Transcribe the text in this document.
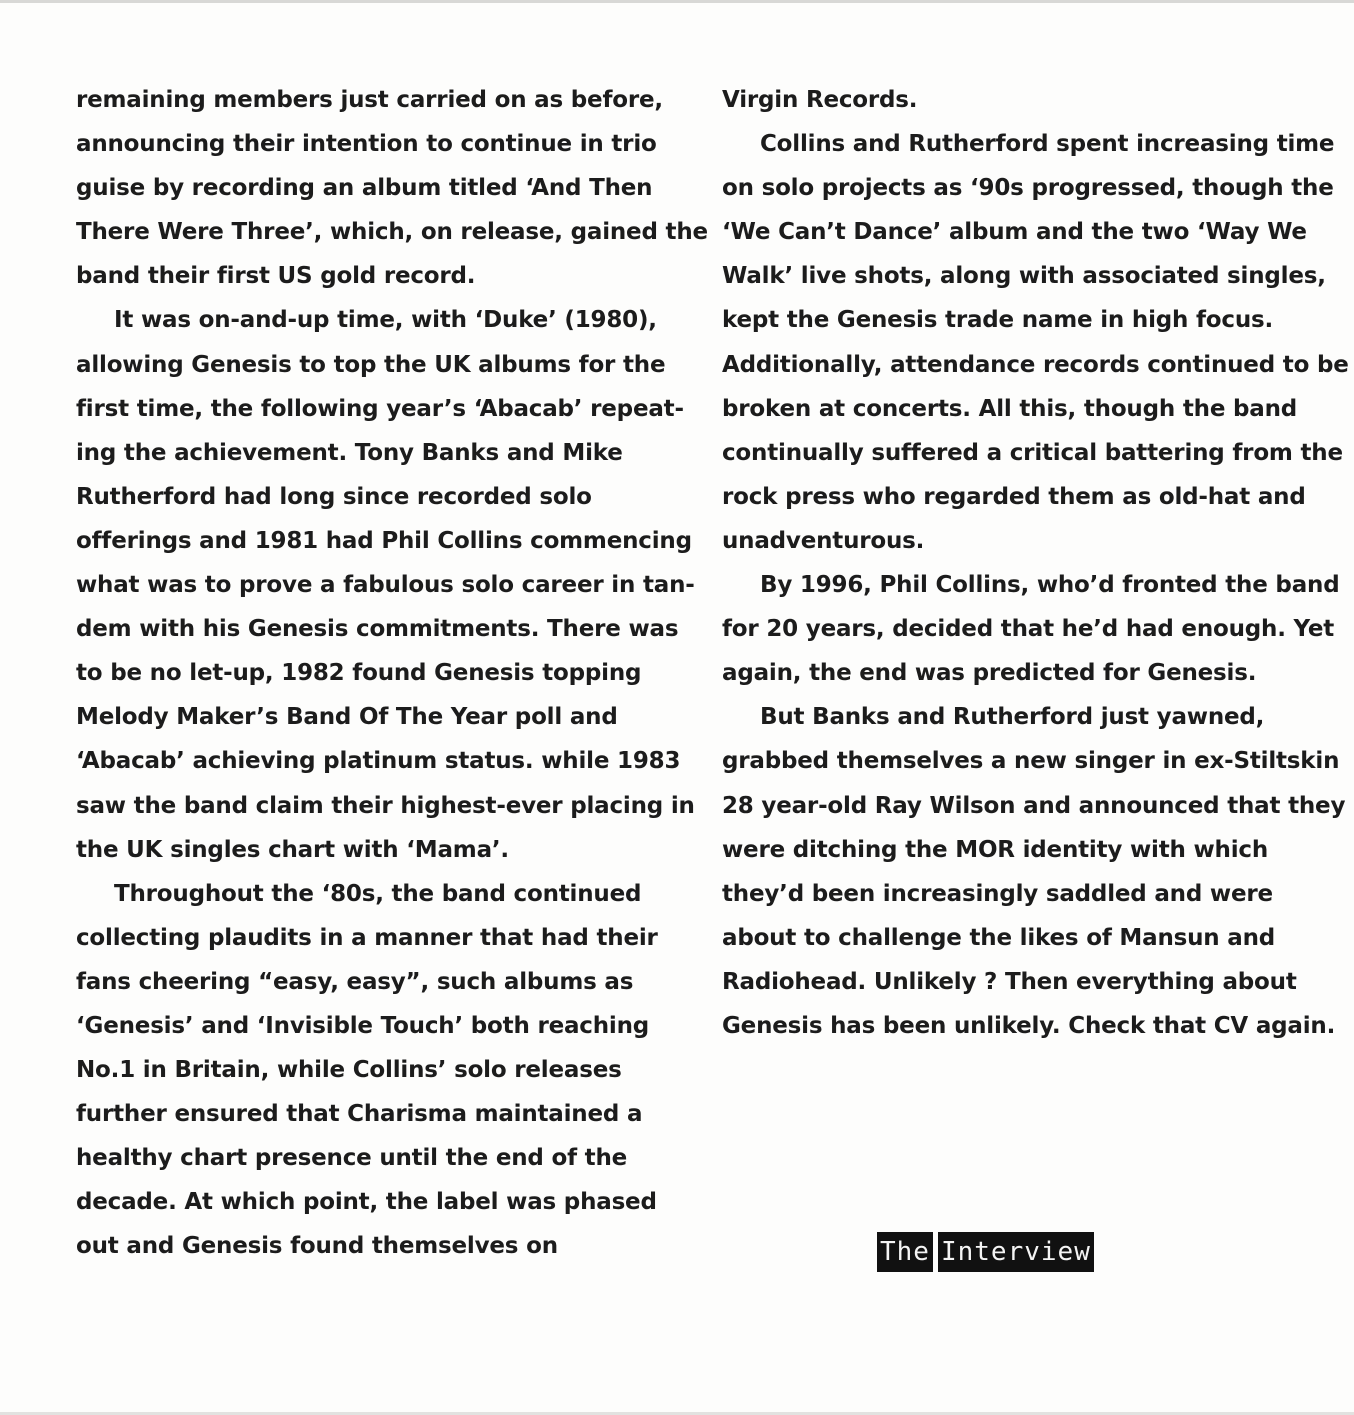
remaining members just carried on as before,
announcing their intention to continue in trio
guise by recording an album titled ‘And Then
There Were Three’, which, on release, gained the
band their first US gold record.
It was on-and-up time, with ‘Duke’ (1980),
allowing Genesis to top the UK albums for the
first time, the following year’s ‘Abacab’ repeat-
ing the achievement. Tony Banks and Mike
Rutherford had long since recorded solo
offerings and 1981 had Phil Collins commencing
what was to prove a fabulous solo career in tan-
dem with his Genesis commitments. There was
to be no let-up, 1982 found Genesis topping
Melody Maker’s Band Of The Year poll and
‘Abacab’ achieving platinum status. while 1983
saw the band claim their highest-ever placing in
the UK singles chart with ‘Mama’.
Throughout the ‘80s, the band continued
collecting plaudits in a manner that had their
fans cheering “easy, easy”, such albums as
‘Genesis’ and ‘Invisible Touch’ both reaching
No.1 in Britain, while Collins’ solo releases
further ensured that Charisma maintained a
healthy chart presence until the end of the
decade. At which point, the label was phased
out and Genesis found themselves on
Virgin Records.
Collins and Rutherford spent increasing time
on solo projects as ‘90s progressed, though the
‘We Can’t Dance’ album and the two ‘Way We
Walk’ live shots, along with associated singles,
kept the Genesis trade name in high focus.
Additionally, attendance records continued to be
broken at concerts. All this, though the band
continually suffered a critical battering from the
rock press who regarded them as old-hat and
unadventurous.
By 1996, Phil Collins, who’d fronted the band
for 20 years, decided that he’d had enough. Yet
again, the end was predicted for Genesis.
But Banks and Rutherford just yawned,
grabbed themselves a new singer in ex-Stiltskin
28 year-old Ray Wilson and announced that they
were ditching the MOR identity with which
they’d been increasingly saddled and were
about to challenge the likes of Mansun and
Radiohead. Unlikely ? Then everything about
Genesis has been unlikely. Check that CV again.
The Interview
